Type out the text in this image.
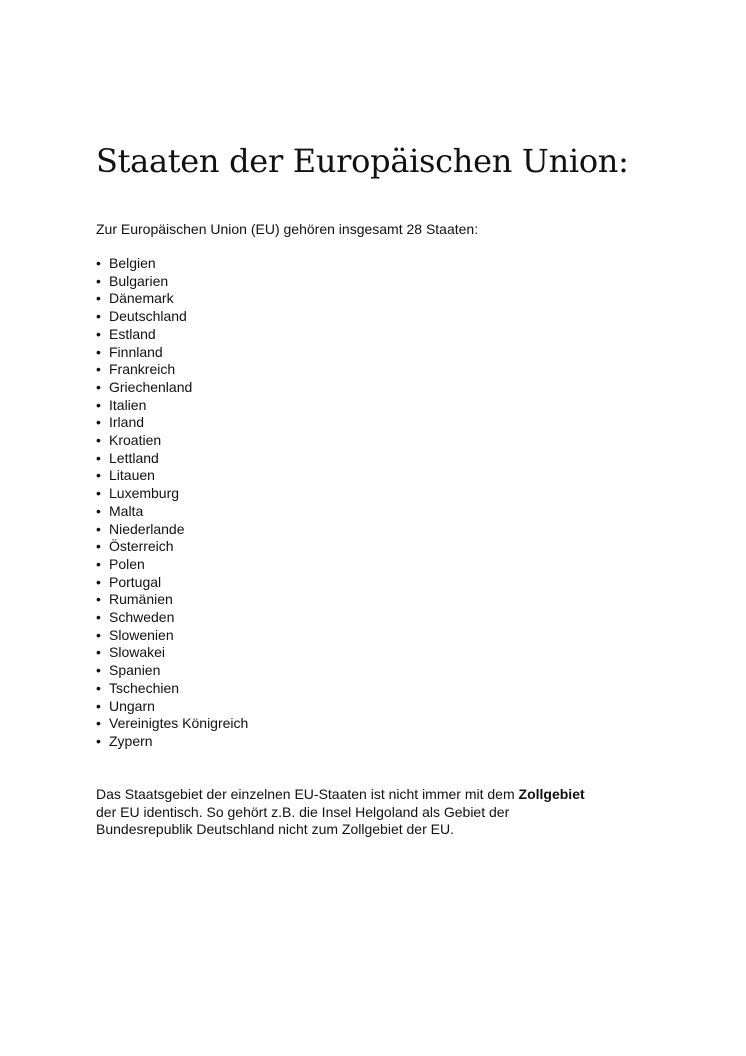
Staaten der Europäischen Union:

Zur Europäischen Union (EU) gehören insgesamt 28 Staaten:

• Belgien
• Bulgarien
• Dänemark
• Deutschland
• Estland
• Finnland
• Frankreich
• Griechenland
• Italien
• Irland
• Kroatien
• Lettland
• Litauen
• Luxemburg
• Malta
• Niederlande
• Österreich
• Polen
• Portugal
• Rumänien
• Schweden
• Slowenien
• Slowakei
• Spanien
• Tschechien
• Ungarn
• Vereinigtes Königreich
• Zypern

Das Staatsgebiet der einzelnen EU-Staaten ist nicht immer mit dem Zollgebiet
der EU identisch. So gehört z.B. die Insel Helgoland als Gebiet der
Bundesrepublik Deutschland nicht zum Zollgebiet der EU.
